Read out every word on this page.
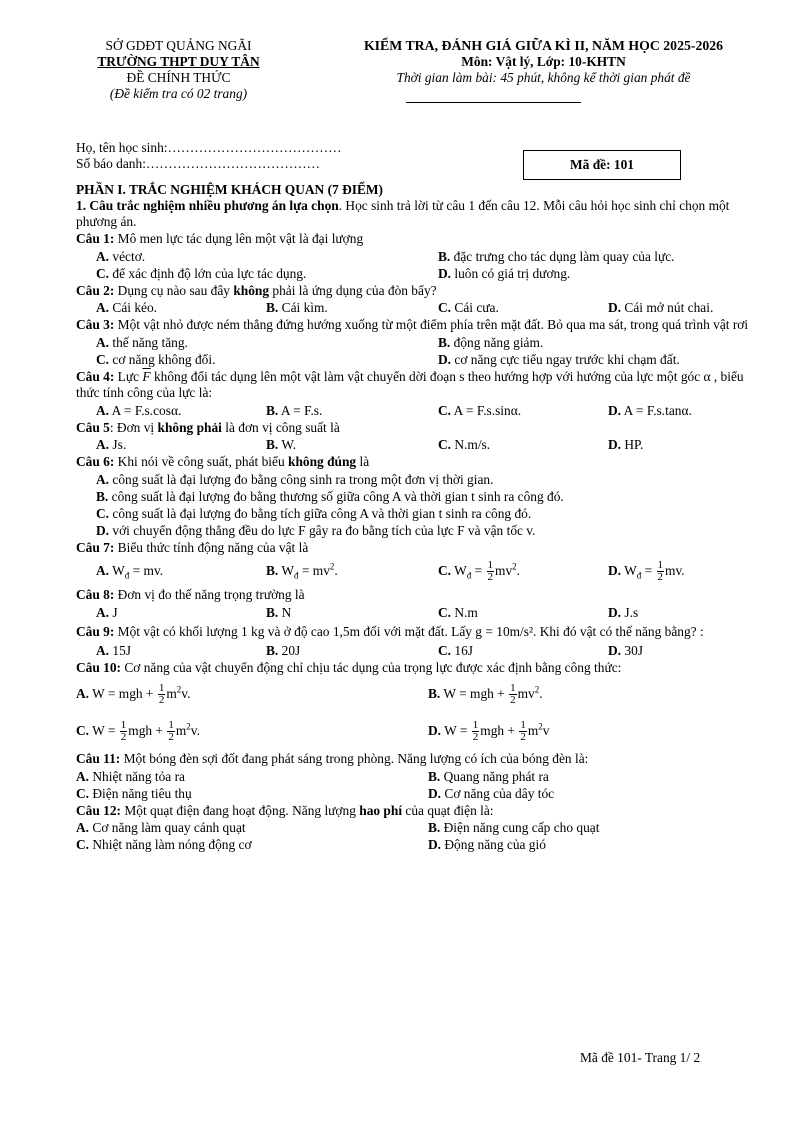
SỞ GDĐT QUẢNG NGÃI
TRƯỜNG THPT DUY TÂN
ĐỀ CHÍNH THỨC
(Đề kiểm tra có 02 trang)
KIỂM TRA, ĐÁNH GIÁ GIỮA KÌ II, NĂM HỌC 2025-2026
Môn: Vật lý, Lớp: 10-KHTN
Thời gian làm bài: 45 phút, không kể thời gian phát đề
Họ, tên học sinh:…………………………………
Số báo danh:…………………………………	Mã đề: 101
PHẦN I. TRẮC NGHIỆM KHÁCH QUAN (7 ĐIỂM)

1. Câu trắc nghiệm nhiều phương án lựa chọn. Học sinh trả lời từ câu 1 đến câu 12. Mỗi câu hỏi học sinh chỉ chọn một phương án.

Câu 1: Mô men lực tác dụng lên một vật là đại lượng

A. véctơ.	B. đặc trưng cho tác dụng làm quay của lực.
C. để xác định độ lớn của lực tác dụng.	D. luôn có giá trị dương.

Câu 2: Dụng cụ nào sau đây không phải là ứng dụng của đòn bẩy?

A. Cái kéo.	B. Cái kìm.	C. Cái cưa.	D. Cái mở nút chai.

Câu 3: Một vật nhỏ được ném thẳng đứng hướng xuống từ một điểm phía trên mặt đất. Bỏ qua ma sát, trong quá trình vật rơi

A. thế năng tăng.	B. động năng giảm.
C. cơ năng không đổi.	D. cơ năng cực tiểu ngay trước khi chạm đất.

Câu 4: Lực $\overline{F}$ không đổi tác dụng lên một vật làm vật chuyển dời đoạn s theo hướng hợp với hướng của lực một góc α , biểu thức tính công của lực là:

A. A = F.s.cosα.	B. A = F.s.	C. A = F.s.sinα.	D. A = F.s.tanα.

Câu 5: Đơn vị không phải là đơn vị công suất là

A. Js.	B. W.	C. N.m/s.	D. HP.

Câu 6: Khi nói về công suất, phát biểu không đúng là

A. công suất là đại lượng đo bằng công sinh ra trong một đơn vị thời gian.
B. công suất là đại lượng đo bằng thương số giữa công A và thời gian t sinh ra công đó.
C. công suất là đại lượng đo bằng tích giữa công A và thời gian t sinh ra công đó.
D. với chuyển động thẳng đều do lực F gây ra đo bằng tích của lực F và vận tốc v.

Câu 7: Biểu thức tính động năng của vật là

A. $W_đ$ = mv.	B. $W_đ = mv^2$.	C. $W_đ = \frac{1}{2} mv^2$.	D. $W_đ = \frac{1}{2}$ mv.

Câu 8: Đơn vị đo thế năng trọng trường là

A. J	B. N	C. N.m	D. J.s

Câu 9: Một vật có khối lượng 1 kg và ở độ cao 1,5m đối với mặt đất. Lấy g = 10m/s². Khi đó vật có thế năng bằng? :

A. 15J	B. 20J	C. 16J	D. 30J

Câu 10: Cơ năng của vật chuyển động chỉ chịu tác dụng của trọng lực được xác định bằng công thức:

A. W = mgh + $\frac{1}{2} m^2v$.	B. W = mgh + $\frac{1}{2} mv^2$.
C. $W = \frac{1}{2}$ mgh + $\frac{1}{2} m^2v$.	D. $W = \frac{1}{2}$ mgh + $\frac{1}{2} m^2v$

Câu 11: Một bóng đèn sợi đốt đang phát sáng trong phòng. Năng lượng có ích của bóng đèn là:

A. Nhiệt năng tỏa ra	B. Quang năng phát ra
C. Điện năng tiêu thụ	D. Cơ năng của dây tóc

Câu 12: Một quạt điện đang hoạt động. Năng lượng hao phí của quạt điện là:

A. Cơ năng làm quay cánh quạt	B. Điện năng cung cấp cho quạt
C. Nhiệt năng làm nóng động cơ	D. Động năng của gió
Mã đề 101- Trang 1/ 2
